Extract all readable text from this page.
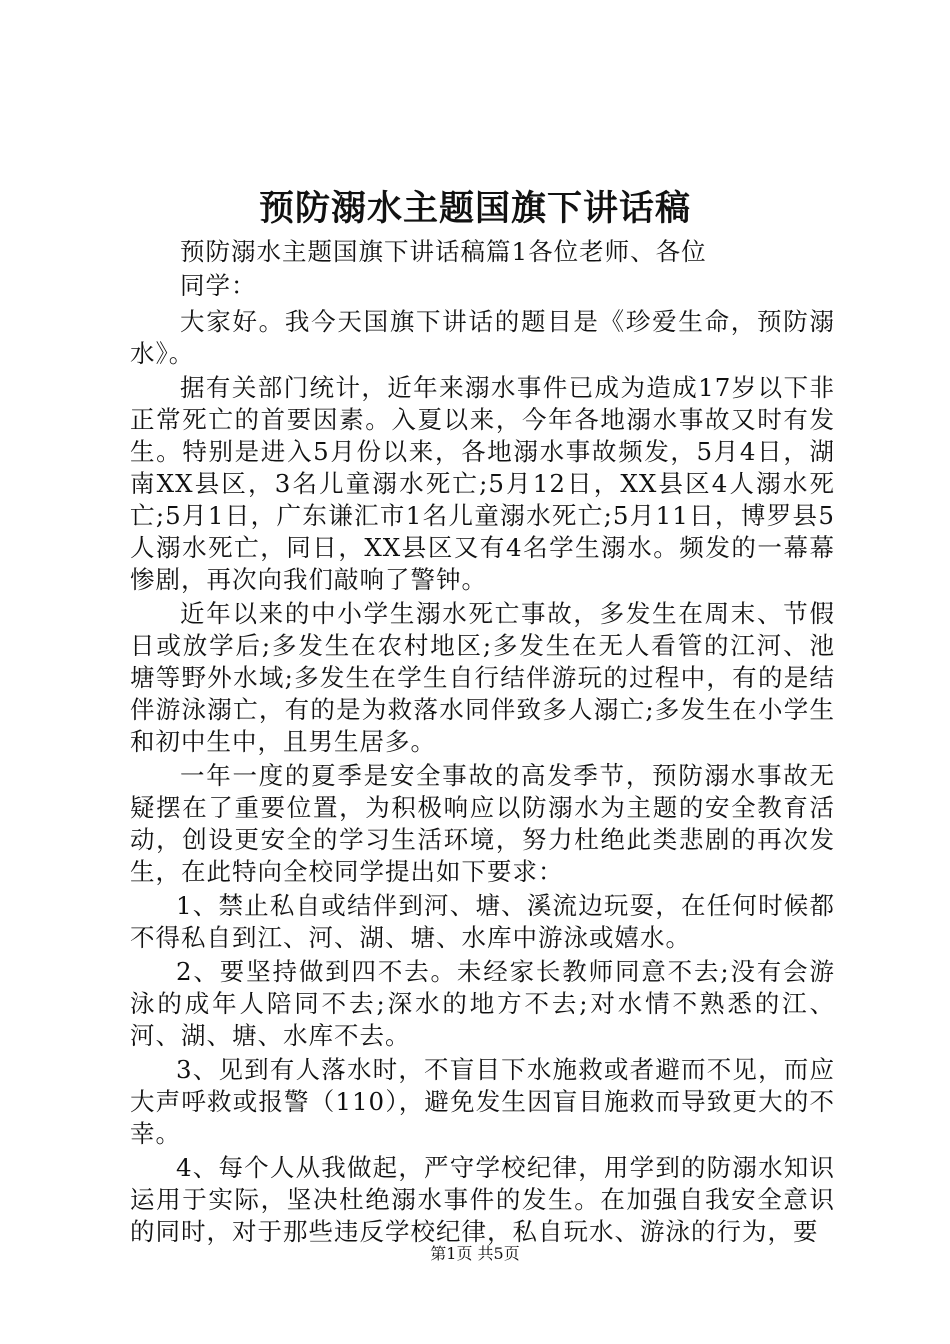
预防溺水主题国旗下讲话稿

预防溺水主题国旗下讲话稿篇1各位老师、各位

同学：

大家好。我今天国旗下讲话的题目是《珍爱生命，预防溺水》。

据有关部门统计，近年来溺水事件已成为造成17岁以下非正常死亡的首要因素。入夏以来，今年各地溺水事故又时有发生。特别是进入5月份以来，各地溺水事故频发，5月4日，湖南XX县区，3名儿童溺水死亡;5月12日，XX县区4人溺水死亡;5月1日，广东谦汇市1名儿童溺水死亡;5月11日，博罗县5人溺水死亡，同日，XX县区又有4名学生溺水。频发的一幕幕惨剧，再次向我们敲响了警钟。

近年以来的中小学生溺水死亡事故，多发生在周末、节假日或放学后;多发生在农村地区;多发生在无人看管的江河、池塘等野外水域;多发生在学生自行结伴游玩的过程中，有的是结伴游泳溺亡，有的是为救落水同伴致多人溺亡;多发生在小学生和初中生中，且男生居多。

一年一度的夏季是安全事故的高发季节，预防溺水事故无疑摆在了重要位置，为积极响应以防溺水为主题的安全教育活动，创设更安全的学习生活环境，努力杜绝此类悲剧的再次发生，在此特向全校同学提出如下要求：

1、禁止私自或结伴到河、塘、溪流边玩耍，在任何时候都不得私自到江、河、湖、塘、水库中游泳或嬉水。

2、要坚持做到四不去。未经家长教师同意不去;没有会游泳的成年人陪同不去;深水的地方不去;对水情不熟悉的江、河、湖、塘、水库不去。

3、见到有人落水时，不盲目下水施救或者避而不见，而应大声呼救或报警（110），避免发生因盲目施救而导致更大的不幸。

4、每个人从我做起，严守学校纪律，用学到的防溺水知识运用于实际，坚决杜绝溺水事件的发生。在加强自我安全意识的同时，对于那些违反学校纪律，私自玩水、游泳的行为，要

第1页 共5页
